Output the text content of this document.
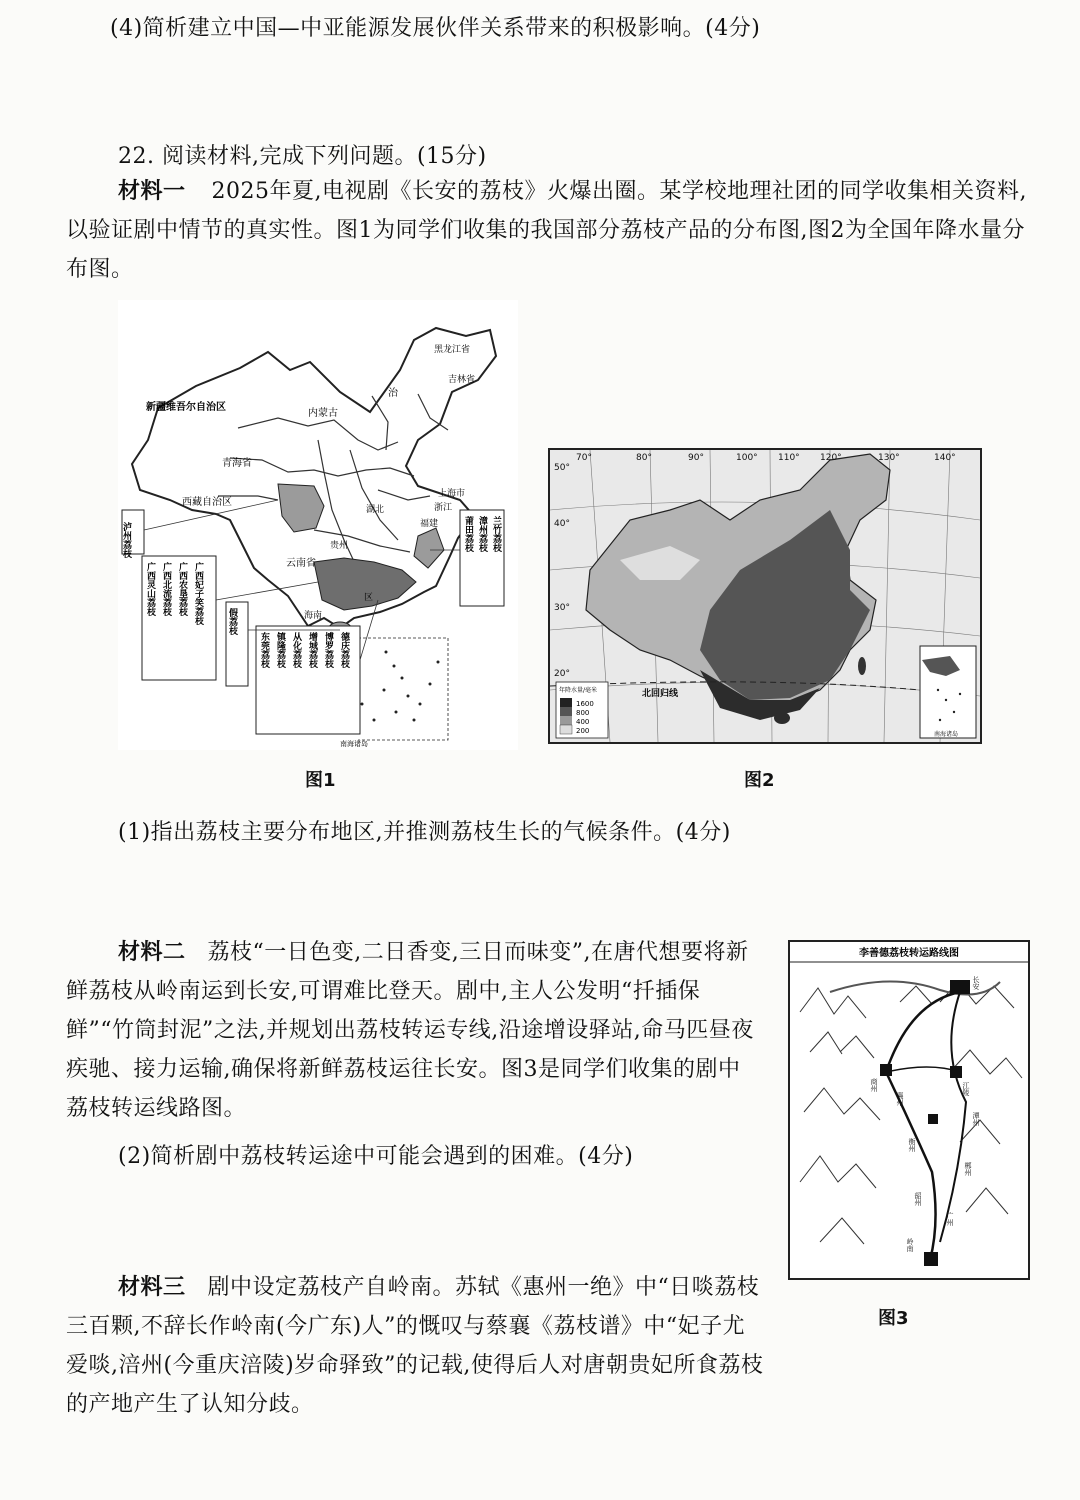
(4)简析建立中国—中亚能源发展伙伴关系带来的积极影响。(4分)
22. 阅读材料,完成下列问题。(15分)
材料一 2025年夏,电视剧《长安的荔枝》火爆出圈。某学校地理社团的同学收集相关资料,以验证剧中情节的真实性。图1为同学们收集的我国部分荔枝产品的分布图,图2为全国年降水量分布图。
新疆维吾尔自治区
青海省
西藏自治区
黑龙江省
吉林省
内蒙古
治
云南省
贵州
湖北
福建
上海市
浙江
区
海南
南海诸岛
泸州荔枝
广西灵山荔枝 广西北流荔枝 广西农垦荔枝 广西妃子笑荔枝	假荔枝
莆田荔枝 漳州荔枝 兰竹荔枝
东莞荔枝 镇隆荔枝 从化荔枝 增城荔枝 博罗荔枝 德庆荔枝
图1
70°	80°	90°	100° 110° 120°	130°	140°
50°
40°
30°
20°
北回归线
年降水量/毫米
1600
800
400
200	南海诸岛
图2
(1)指出荔枝主要分布地区,并推测荔枝生长的气候条件。(4分)
材料二 荔枝“一日色变,二日香变,三日而味变”,在唐代想要将新鲜荔枝从岭南运到长安,可谓难比登天。剧中,主人公发明“扦插保鲜”“竹筒封泥”之法,并规划出荔枝转运专线,沿途增设驿站,命马匹昼夜疾驰、接力运输,确保将新鲜荔枝运往长安。图3是同学们收集的剧中荔枝转运线路图。
(2)简析剧中荔枝转运途中可能会遇到的困难。(4分)
李善德荔枝转运路线图
长安
商州	江陵
襄州
潭州
衡州
郴州
韶州
广州
岭南
图3
材料三 剧中设定荔枝产自岭南。苏轼《惠州一绝》中“日啖荔枝三百颗,不辞长作岭南(今广东)人”的慨叹与蔡襄《荔枝谱》中“妃子尤爱啖,涪州(今重庆涪陵)岁命驿致”的记载,使得后人对唐朝贵妃所食荔枝的产地产生了认知分歧。
